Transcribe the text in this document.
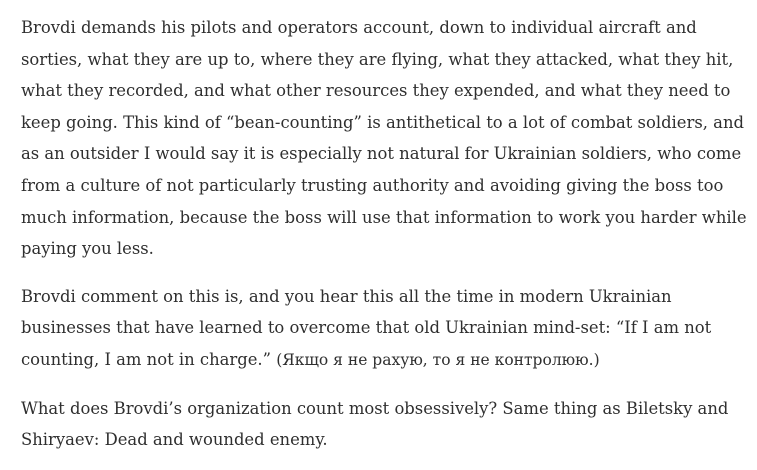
Brovdi demands his pilots and operators account, down to individual aircraft and sorties, what they are up to, where they are flying, what they attacked, what they hit, what they recorded, and what other resources they expended, and what they need to keep going. This kind of “bean-counting” is antithetical to a lot of combat soldiers, and as an outsider I would say it is especially not natural for Ukrainian soldiers, who come from a culture of not particularly trusting authority and avoiding giving the boss too much information, because the boss will use that information to work you harder while paying you less.

Brovdi comment on this is, and you hear this all the time in modern Ukrainian businesses that have learned to overcome that old Ukrainian mind-set: “If I am not counting, I am not in charge.” (Якщо я не рахую, то я не контролюю.)

What does Brovdi’s organization count most obsessively? Same thing as Biletsky and Shiryaev: Dead and wounded enemy.
